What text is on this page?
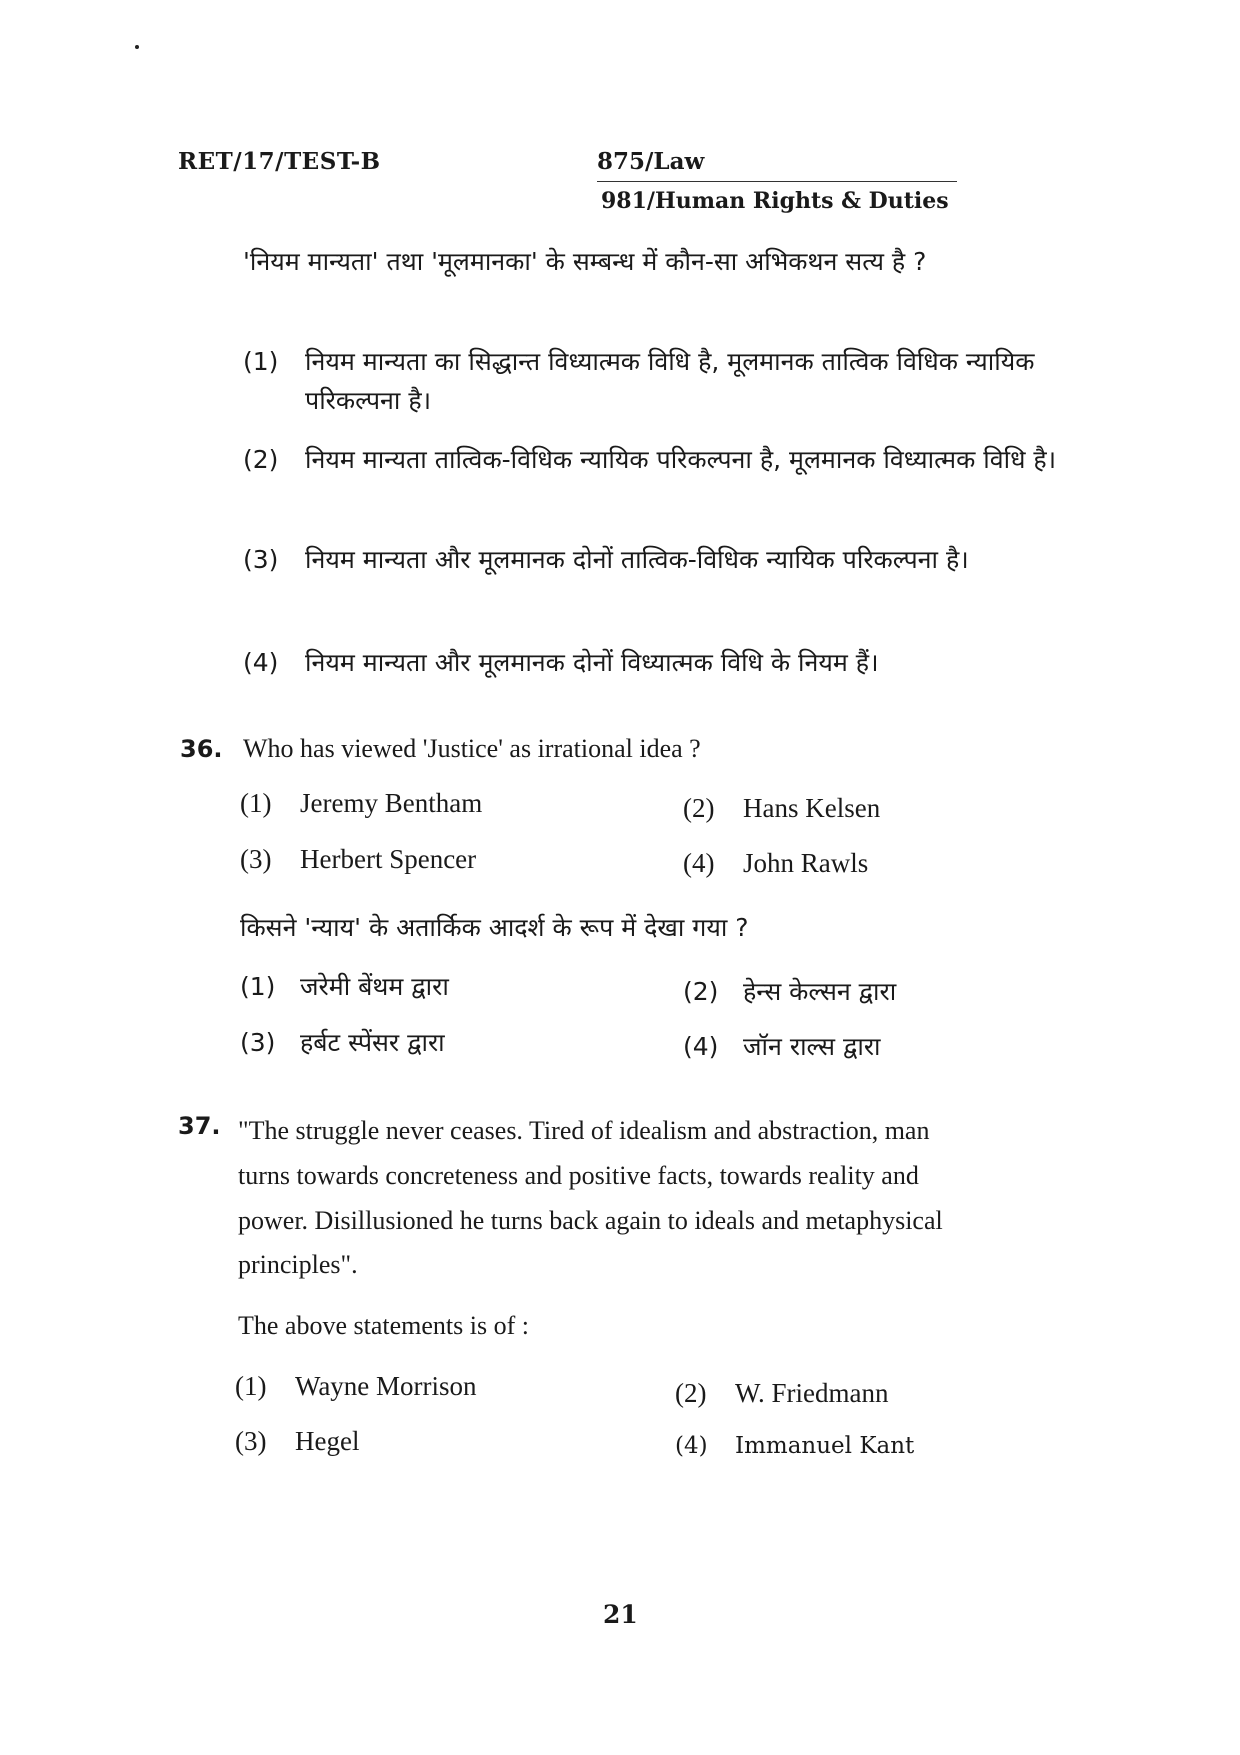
RET/17/TEST-B	875/Law
981/Human Rights & Duties
'नियम मान्यता' तथा 'मूलमानका' के सम्बन्ध में कौन-सा अभिकथन सत्य है ?
(1)	नियम मान्यता का सिद्धान्त विध्यात्मक विधि है, मूलमानक तात्विक विधिक न्यायिक परिकल्पना है।
(2)	नियम मान्यता तात्विक-विधिक न्यायिक परिकल्पना है, मूलमानक विध्यात्मक विधि है।
(3)	नियम मान्यता और मूलमानक दोनों तात्विक-विधिक न्यायिक परिकल्पना है।
(4)	नियम मान्यता और मूलमानक दोनों विध्यात्मक विधि के नियम हैं।
36. Who has viewed 'Justice' as irrational idea ?
(1) Jeremy Bentham	(2) Hans Kelsen
(3) Herbert Spencer	(4) John Rawls
किसने 'न्याय' के अतार्किक आदर्श के रूप में देखा गया ?
(1) जरेमी बेंथम द्वारा	(2) हेन्स केल्सन द्वारा
(3) हर्बट स्पेंसर द्वारा	(4) जॉन राल्स द्वारा
37. "The struggle never ceases. Tired of idealism and abstraction, man
turns towards concreteness and positive facts, towards reality and
power. Disillusioned he turns back again to ideals and metaphysical
principles".
The above statements is of :
(1) Wayne Morrison	(2) W. Friedmann
(3) Hegel	(4) Immanuel Kant
21
